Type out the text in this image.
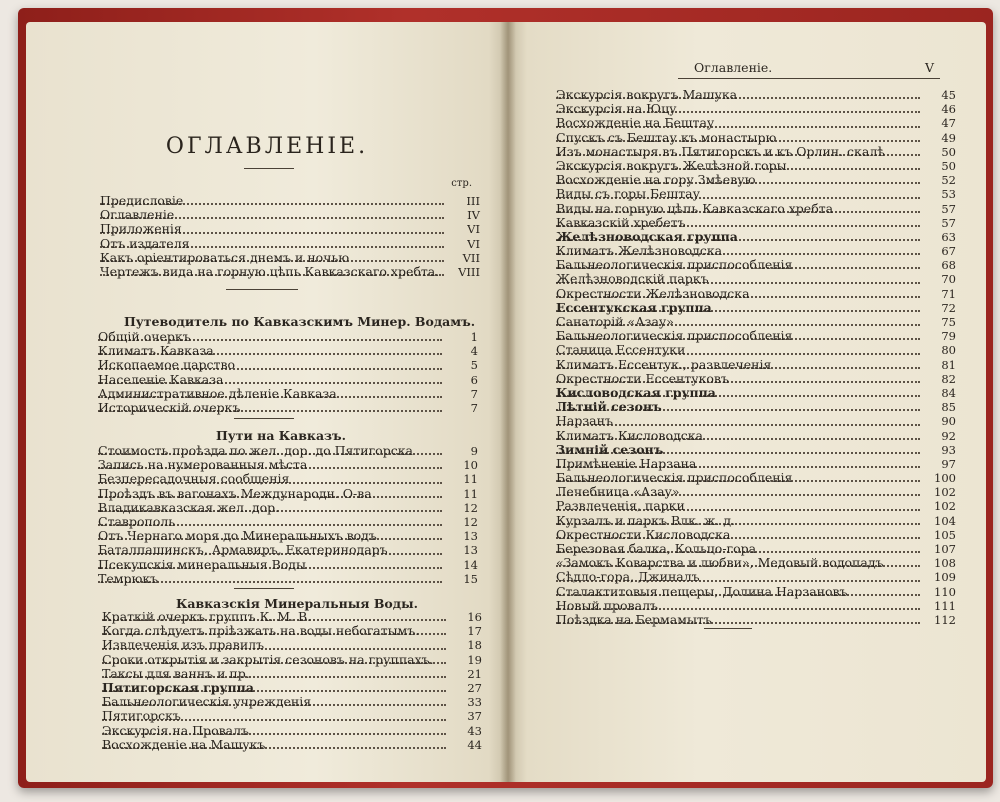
ОГЛАВЛЕНIE.
стр.
Предисловіе	III
Оглавленіе	IV
Приложенія	VI
Отъ издателя	VI
Какъ оріентироваться днемъ и ночью	VII
Чертежъ вида на горную цѣпь Кавказскаго хребта. VIII
Путеводитель по Кавказскимъ Минер. Водамъ.
Общій очеркъ	1
Климатъ Кавказа	4
Ископаемое царство	5
Населеніе Кавказа	6
Административное дѣленіе Кавказа	7
Историческій очеркъ	7
Пути на Кавказъ.
Стоимость проѣзда по жел. дор. до Пятигорска	9
Запись на нумерованныя мѣста	10
Безпересадочныя сообщенія	11
Проѣздъ въ вагонахъ Международн. О-ва	11
Владикавказская жел. дор.	12
Ставрополь	12
Отъ Чернаго моря до Минеральныхъ водъ	13
Баталпашинскъ, Армавиръ, Екатеринодаръ	13
Псекупскія минеральныя Воды	14
Темрюкъ	15
Кавказскія Минеральныя Воды.
Краткій очеркъ группъ К. М. В.	16
Когда слѣдуетъ пріѣзжать на воды небогатымъ.	17
Извлеченія изъ правилъ	18
Сроки открытія и закрытія сезоновъ на группахъ.	19
Таксы для ваннъ и пр.	21
Пятигорская группа	27
Бальнеологическія учрежденія	33
Пятигорскъ	37
Экскурсія на Провалъ	43
Восхожденіе на Машукъ	44
Оглавленіе.	V
Экскурсія вокругъ Машука	45
Экскурсія на Юцу	46
Восхожденіе на Бештау	47
Спускъ съ Бештау къ монастырю	49
Изъ монастыря въ Пятигорскъ и къ Орлин. скалѣ	50
Экскурсія вокругъ Желѣзной горы	50
Восхожденіе на гору Змѣевую	52
Виды съ горы Бештау	53
Виды на горную цѣпь Кавказскаго хребта	57
Кавказскій хребетъ	57
Желѣзноводская группа	63
Климатъ Желѣзноводска	67
Бальнеологическія приспособленія	68
Желѣзноводскій паркъ	70
Окрестности Желѣзноводска	71
Ессентукская группа	72
Санаторій «Азау»	75
Бальнеологическія приспособленія	79
Станица Ессентуки	80
Климатъ Ессентук., развлеченія	81
Окрестности Ессентуковъ	82
Кисловодская группа	84
Лѣтній сезонъ	85
Нарзанъ	90
Климатъ Кисловодска	92
Зимній сезонъ	93
Примѣненіе Нарзана	97
Бальнеологическія приспособленія	100
Лечебница «Азау»	102
Развлеченія, парки	102
Курзалъ и паркъ Влк. ж. д.	104
Окрестности Кисловодска	105
Березовая балка, Кольцо-гора	107
«Замокъ Коварства и любви», Медовый водопадъ	108
Сѣдло-гора, Джиналъ	109
Сталактитовыя пещеры, Долина Нарзановъ	110
Новый провалъ	111
Поѣздка на Бермамытъ	112
